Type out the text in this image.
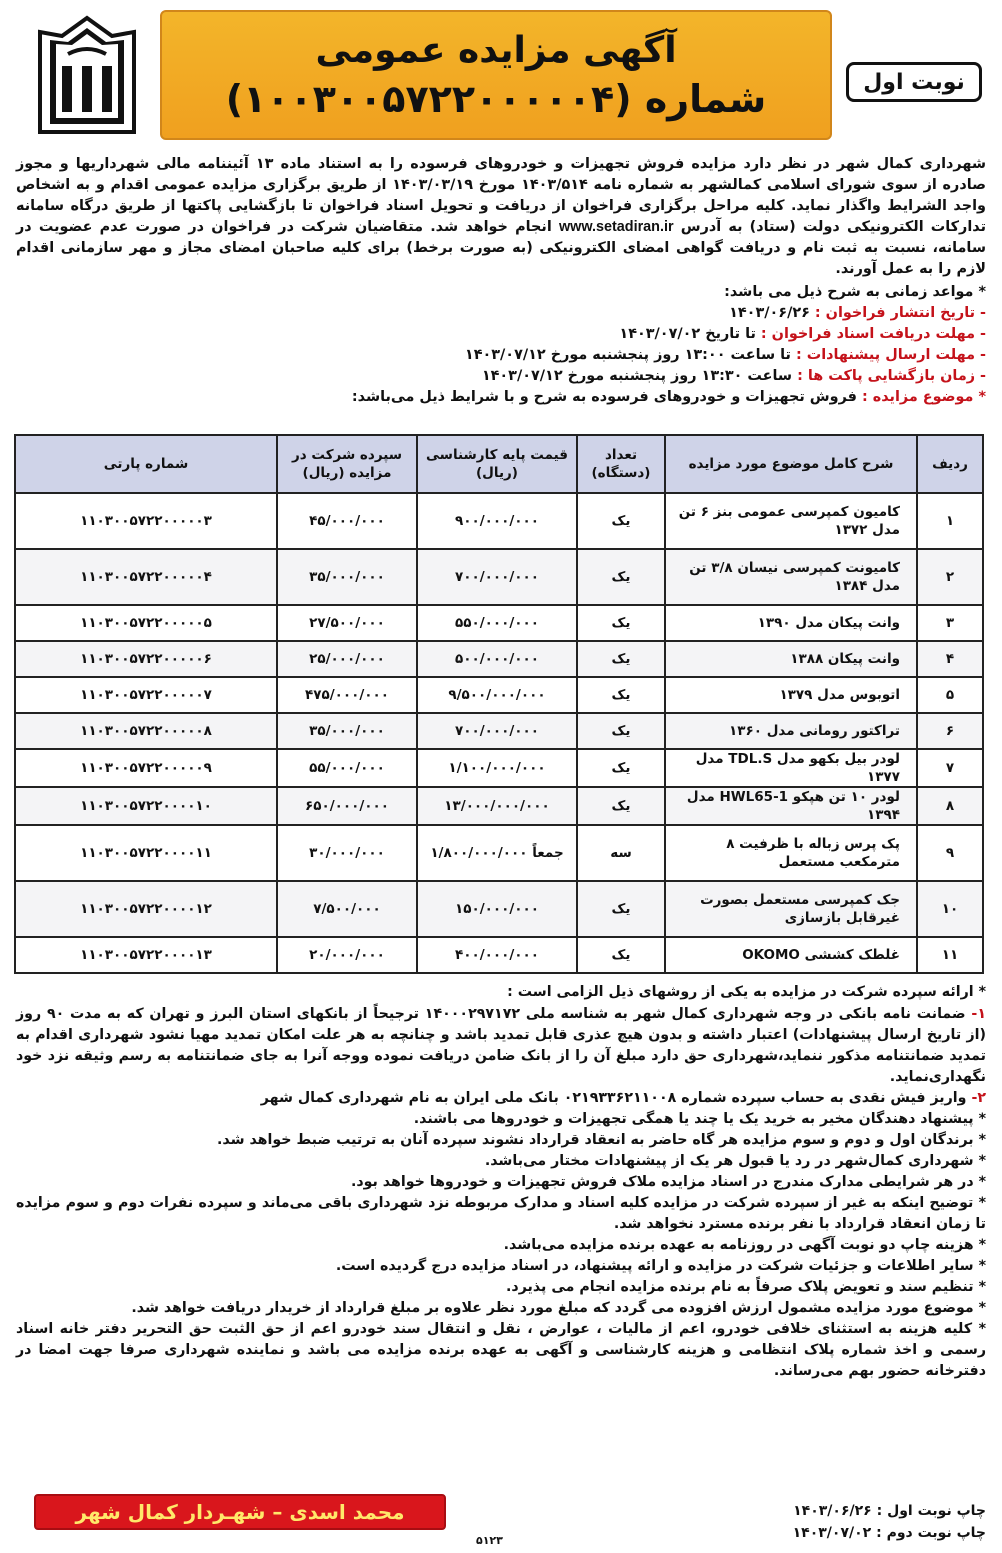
آگهی مزایده عمومی
شماره (۱۰۰۳۰۰۵۷۲۲۰۰۰۰۰۴)	نوبت اول
شهرداری کمال شهر در نظر دارد مزایده فروش تجهیزات و خودروهای فرسوده را به استناد ماده ۱۳ آئیننامه مالی شهرداریها و مجوز صادره از سوی شورای اسلامی کمالشهر به شماره نامه ۱۴۰۳/۵۱۴ مورخ ۱۴۰۳/۰۳/۱۹ از طریق برگزاری مزایده عمومی اقدام و به اشخاص واجد الشرایط واگذار نماید. کلیه مراحل برگزاری فراخوان از دریافت و تحویل اسناد فراخوان تا بازگشایی پاکتها از طریق درگاه سامانه تدارکات الکترونیکی دولت (ستاد) به آدرس www.setadiran.ir انجام خواهد شد. متقاضیان شرکت در فراخوان در صورت عدم عضویت در سامانه، نسبت به ثبت نام و دریافت گواهی امضای الکترونیکی (به صورت برخط) برای کلیه صاحبان امضای مجاز و مهر سازمانی اقدام لازم را به عمل آورند.
* مواعد زمانی به شرح ذیل می باشد:
- تاریخ انتشار فراخوان : ۱۴۰۳/۰۶/۲۶
- مهلت دریافت اسناد فراخوان : تا تاریخ ۱۴۰۳/۰۷/۰۲
- مهلت ارسال پیشنهادات : تا ساعت ۱۳:۰۰ روز پنجشنبه مورخ ۱۴۰۳/۰۷/۱۲
- زمان بازگشایی پاکت ها : ساعت ۱۳:۳۰ روز پنجشنبه مورخ ۱۴۰۳/۰۷/۱۲
* موضوع مزایده : فروش تجهیزات و خودروهای فرسوده به شرح و با شرایط ذیل می‌باشد:
ردیف	شرح کامل موضوع مورد مزایده	تعداد (دستگاه)	قیمت پایه کارشناسی (ریال)	سپرده شرکت در مزایده (ریال)	شماره پارتی
۱	کامیون کمپرسی عمومی بنز ۶ تن مدل ۱۳۷۲	یک	۹۰۰/۰۰۰/۰۰۰	۴۵/۰۰۰/۰۰۰	۱۱۰۳۰۰۵۷۲۲۰۰۰۰۰۳
۲	کامیونت کمپرسی نیسان ۳/۸ تن مدل ۱۳۸۴	یک	۷۰۰/۰۰۰/۰۰۰	۳۵/۰۰۰/۰۰۰	۱۱۰۳۰۰۵۷۲۲۰۰۰۰۰۴
۳	وانت پیکان مدل ۱۳۹۰	یک	۵۵۰/۰۰۰/۰۰۰	۲۷/۵۰۰/۰۰۰	۱۱۰۳۰۰۵۷۲۲۰۰۰۰۰۵
۴	وانت پیکان ۱۳۸۸	یک	۵۰۰/۰۰۰/۰۰۰	۲۵/۰۰۰/۰۰۰	۱۱۰۳۰۰۵۷۲۲۰۰۰۰۰۶
۵	اتوبوس مدل ۱۳۷۹	یک	۹/۵۰۰/۰۰۰/۰۰۰	۴۷۵/۰۰۰/۰۰۰	۱۱۰۳۰۰۵۷۲۲۰۰۰۰۰۷
۶	تراکتور رومانی مدل ۱۳۶۰	یک	۷۰۰/۰۰۰/۰۰۰	۳۵/۰۰۰/۰۰۰	۱۱۰۳۰۰۵۷۲۲۰۰۰۰۰۸
۷	لودر بیل بکهو مدل TDL.S مدل ۱۳۷۷	یک	۱/۱۰۰/۰۰۰/۰۰۰	۵۵/۰۰۰/۰۰۰	۱۱۰۳۰۰۵۷۲۲۰۰۰۰۰۹
۸	لودر ۱۰ تن هپکو HWL65-1 مدل ۱۳۹۴	یک	۱۳/۰۰۰/۰۰۰/۰۰۰	۶۵۰/۰۰۰/۰۰۰	۱۱۰۳۰۰۵۷۲۲۰۰۰۰۱۰
۹	پک پرس زباله با ظرفیت ۸ مترمکعب مستعمل	سه	جمعاً ۱/۸۰۰/۰۰۰/۰۰۰	۳۰/۰۰۰/۰۰۰	۱۱۰۳۰۰۵۷۲۲۰۰۰۰۱۱
۱۰	جک کمپرسی مستعمل بصورت غیرقابل بازسازی	یک	۱۵۰/۰۰۰/۰۰۰	۷/۵۰۰/۰۰۰	۱۱۰۳۰۰۵۷۲۲۰۰۰۰۱۲
۱۱	غلطک کششی OKOMO	یک	۴۰۰/۰۰۰/۰۰۰	۲۰/۰۰۰/۰۰۰	۱۱۰۳۰۰۵۷۲۲۰۰۰۰۱۳
* ارائه سپرده شرکت در مزایده به یکی از روشهای ذیل الزامی است :

۱- ضمانت نامه بانکی در وجه شهرداری کمال شهر به شناسه ملی ۱۴۰۰۰۲۹۷۱۷۲ ترجیحاً از بانکهای استان البرز و تهران که به مدت ۹۰ روز (از تاریخ ارسال پیشنهادات) اعتبار داشته و بدون هیچ عذری قابل تمدید باشد و چنانچه به هر علت امکان تمدید مهیا نشود شهرداری اقدام به تمدید ضمانتنامه مذکور ننماید،شهرداری حق دارد مبلغ آن را از بانک ضامن دریافت نموده ووجه آنرا به جای ضمانتنامه به رسم وثیقه نزد خود نگهداری‌نماید.

۲- واریز فیش نقدی به حساب سپرده شماره ۰۲۱۹۳۳۶۲۱۱۰۰۸ بانک ملی ایران به نام شهرداری کمال شهر

* پیشنهاد دهندگان مخیر به خرید یک یا چند یا همگی تجهیزات و خودروها می باشند.

* برندگان اول و دوم و سوم مزایده هر گاه حاضر به انعقاد قرارداد نشوند سپرده آنان به ترتیب ضبط خواهد شد.

* شهرداری کمال‌شهر در رد یا قبول هر یک از پیشنهادات مختار می‌باشد.

* در هر شرایطی مدارک مندرج در اسناد مزایده ملاک فروش تجهیزات و خودروها خواهد بود.

* توضیح اینکه به غیر از سپرده شرکت در مزایده کلیه اسناد و مدارک مربوطه نزد شهرداری باقی می‌ماند و سپرده نفرات دوم و سوم مزایده تا زمان انعقاد قرارداد با نفر برنده مسترد نخواهد شد.

* هزینه چاپ دو نوبت آگهی در روزنامه به عهده برنده مزایده می‌باشد.

* سایر اطلاعات و جزئیات شرکت در مزایده و ارائه پیشنهاد، در اسناد مزایده درج گردیده است.

* تنظیم سند و تعویض پلاک صرفاً به نام برنده مزایده انجام می پذیرد.

* موضوع مورد مزایده مشمول ارزش افزوده می گردد که مبلغ مورد نظر علاوه بر مبلغ قرارداد از خریدار دریافت خواهد شد.

* کلیه هزینه به استثنای خلافی خودرو، اعم از مالیات ، عوارض ، نقل و انتقال سند خودرو اعم از حق الثبت حق التحریر دفتر خانه اسناد رسمی و اخذ شماره پلاک انتظامی و هزینه کارشناسی و آگهی به عهده برنده مزایده می باشد و نماینده شهرداری صرفا جهت امضا در دفترخانه حضور بهم می‌رساند.

محمد اسدی – شهـردار کمال شهر	چاپ نوبت اول : ۱۴۰۳/۰۶/۲۶
چاپ نوبت دوم : ۱۴۰۳/۰۷/۰۲
۵۱۲۳
